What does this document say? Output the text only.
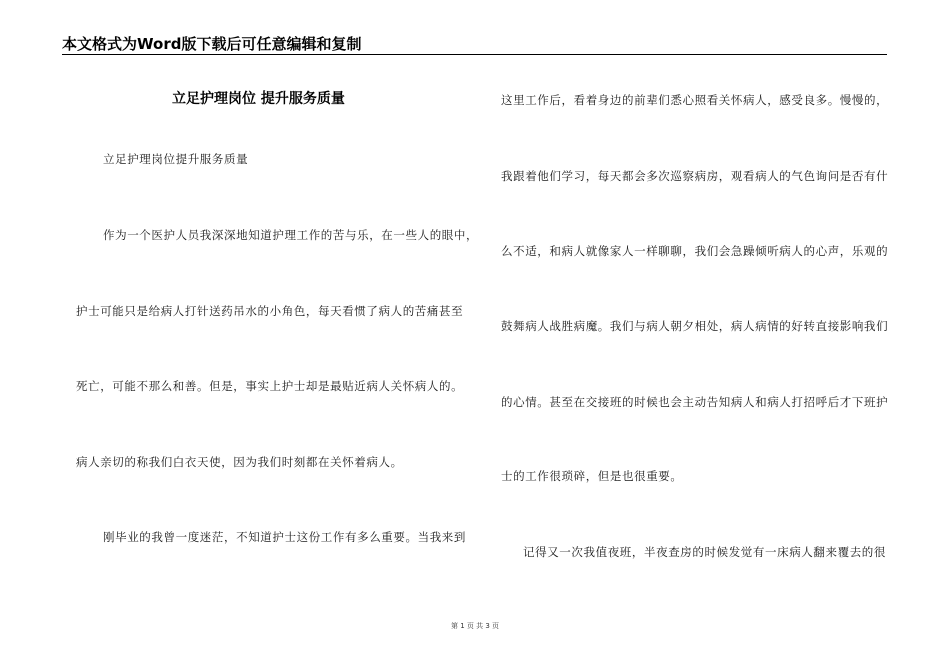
本文格式为Word版下载后可任意编辑和复制
立足护理岗位 提升服务质量

立足护理岗位提升服务质量

作为一个医护人员我深深地知道护理工作的苦与乐，在一些人的眼中，

护士可能只是给病人打针送药吊水的小角色，每天看惯了病人的苦痛甚至

死亡，可能不那么和善。但是，事实上护士却是最贴近病人关怀病人的。

病人亲切的称我们白衣天使，因为我们时刻都在关怀着病人。

刚毕业的我曾一度迷茫，不知道护士这份工作有多么重要。当我来到

这里工作后，看着身边的前辈们悉心照看关怀病人，感受良多。慢慢的，

我跟着他们学习，每天都会多次巡察病房，观看病人的气色询问是否有什

么不适，和病人就像家人一样聊聊，我们会急躁倾听病人的心声，乐观的

鼓舞病人战胜病魔。我们与病人朝夕相处，病人病情的好转直接影响我们

的心情。甚至在交接班的时候也会主动告知病人和病人打招呼后才下班护

士的工作很琐碎，但是也很重要。

记得又一次我值夜班，半夜查房的时候发觉有一床病人翻来覆去的很

第 1 页 共 3 页
